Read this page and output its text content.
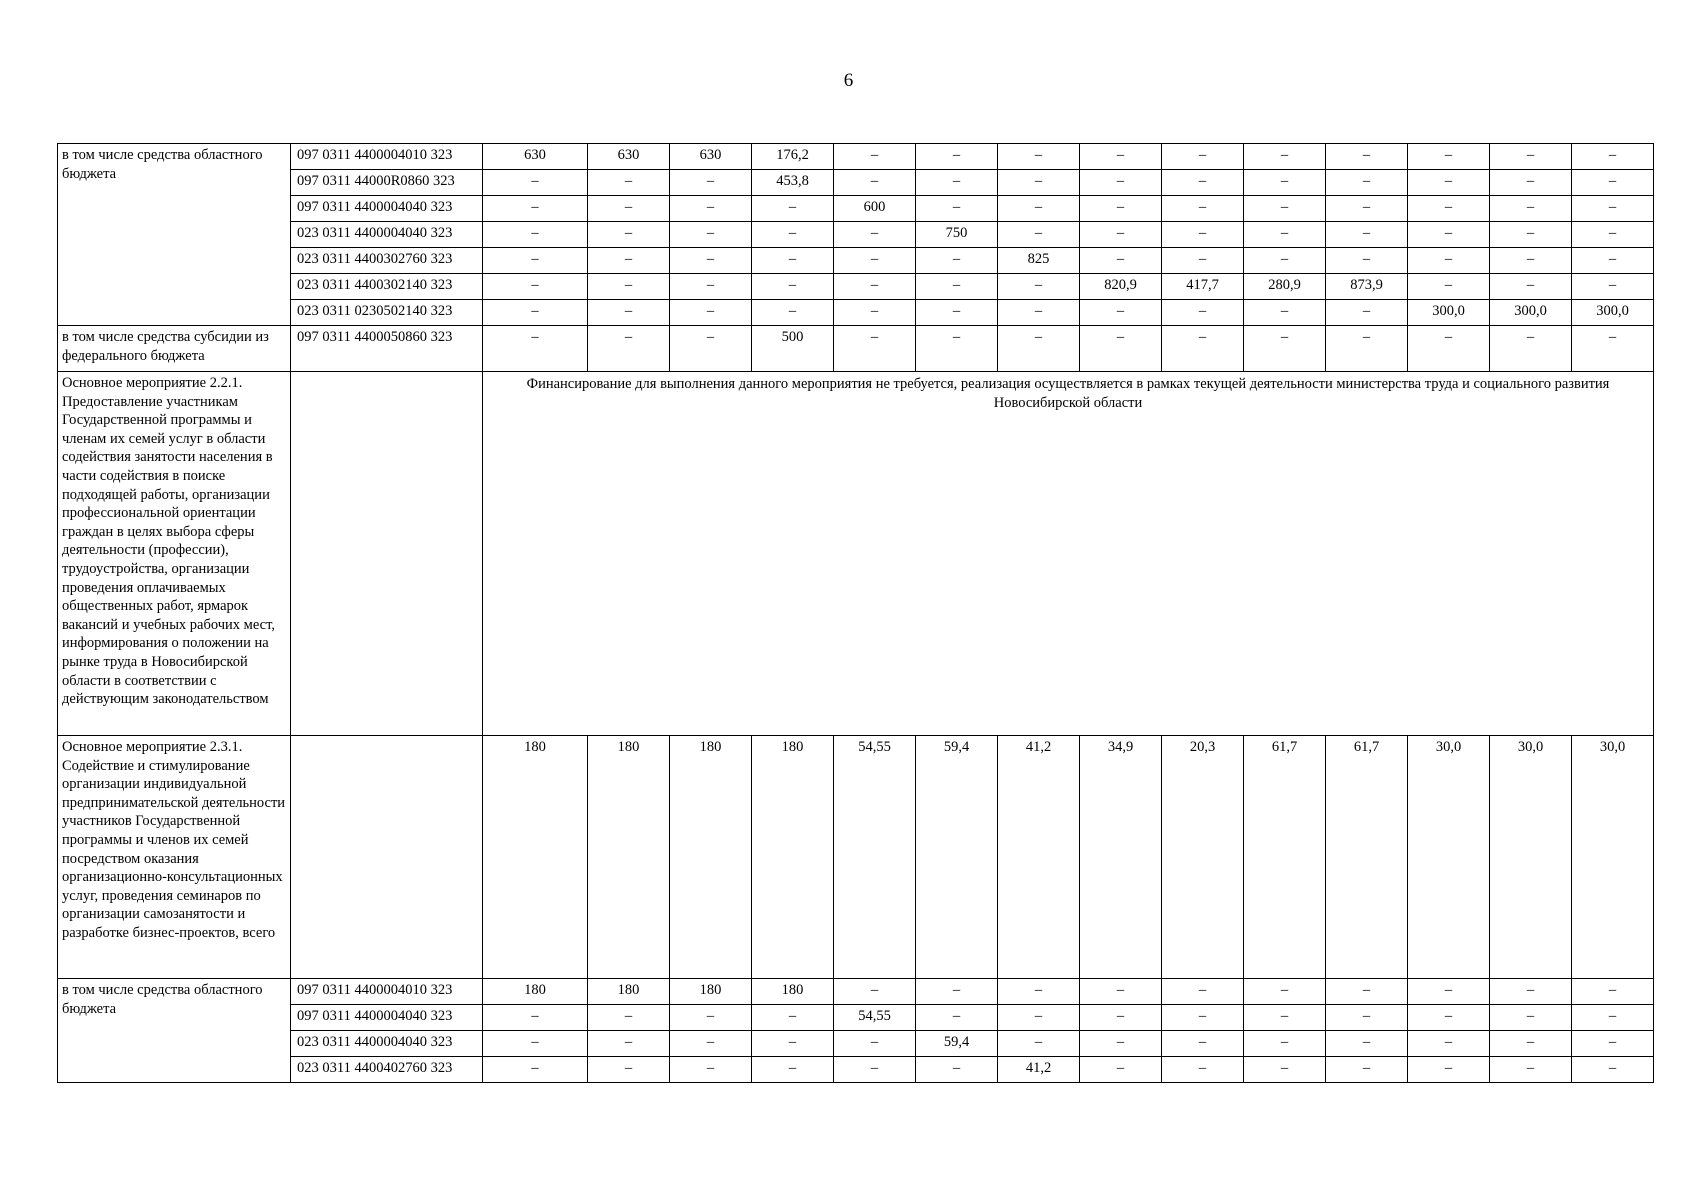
6
в том числе средства областного бюджета	097 0311 4400004010 323	630	630	630	176,2	–	–	–	–	–	–	–	–	–	–
	097 0311 44000R0860 323	–	–	–	453,8	–	–	–	–	–	–	–	–	–	–
	097 0311 4400004040 323	–	–	–	–	600	–	–	–	–	–	–	–	–	–
	023 0311 4400004040 323	–	–	–	–	–	750	–	–	–	–	–	–	–	–
	023 0311 4400302760 323	–	–	–	–	–	–	825	–	–	–	–	–	–	–
	023 0311 4400302140 323	–	–	–	–	–	–	–	820,9	417,7	280,9	873,9	–	–	–
	023 0311 0230502140 323	–	–	–	–	–	–	–	–	–	–	–	300,0	300,0	300,0
в том числе средства субсидии из федерального бюджета	097 0311 4400050860 323	–	–	–	500	–	–	–	–	–	–	–	–	–	–
Основное мероприятие 2.2.1. Предоставление участникам Государственной программы и членам их семей услуг в области содействия занятости населения в части содействия в поиске подходящей работы, организации профессиональной ориентации граждан в целях выбора сферы деятельности (профессии), трудоустройства, организации проведения оплачиваемых общественных работ, ярмарок вакансий и учебных рабочих мест, информирования о положении на рынке труда в Новосибирской области в соответствии с действующим законодательством		Финансирование для выполнения данного мероприятия не требуется, реализация осуществляется в рамках текущей деятельности министерства труда и социального развития Новосибирской области													
Основное мероприятие 2.3.1. Содействие и стимулирование организации индивидуальной предпринимательской деятельности участников Государственной программы и членов их семей посредством оказания организационно-консультационных услуг, проведения семинаров по организации самозанятости и разработке бизнес-проектов, всего		180	180	180	180	54,55	59,4	41,2	34,9	20,3	61,7	61,7	30,0	30,0	30,0
в том числе средства областного бюджета	097 0311 4400004010 323	180	180	180	180	–	–	–	–	–	–	–	–	–	–
	097 0311 4400004040 323	–	–	–	–	54,55	–	–	–	–	–	–	–	–	–
	023 0311 4400004040 323	–	–	–	–	–	59,4	–	–	–	–	–	–	–	–
	023 0311 4400402760 323	–	–	–	–	–	–	41,2	–	–	–	–	–	–	–
